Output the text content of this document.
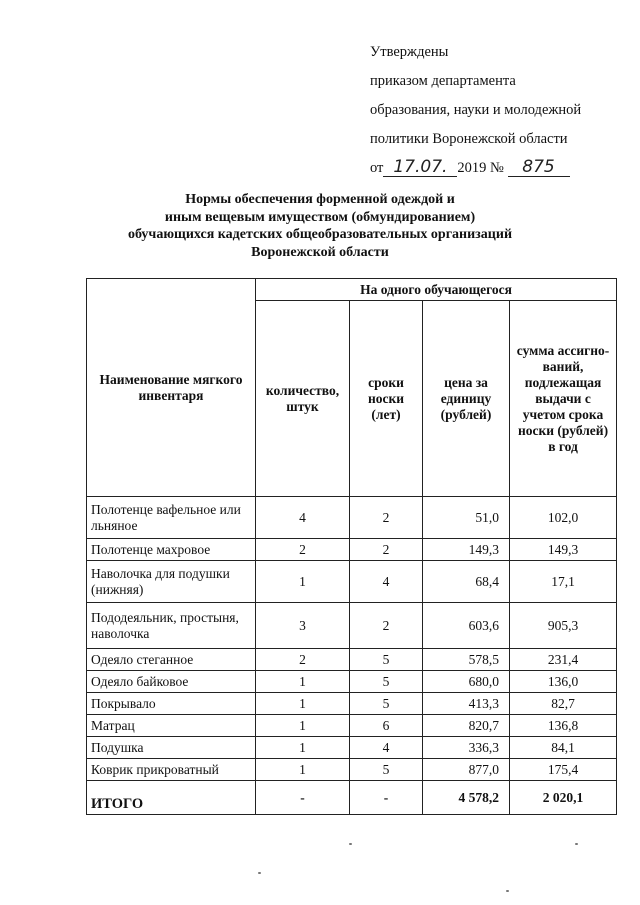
Утверждены
приказом департамента
образования, науки и молодежной
политики Воронежской области
от 17.07. 2019 № 875
Нормы обеспечения форменной одеждой и
иным вещевым имуществом (обмундированием)
обучающихся кадетских общеобразовательных организаций
Воронежской области
Наименование мягкого инвентаря	На одного обучающегося			
	количество, штук	сроки носки (лет)	цена за единицу (рублей)	сумма ассигно-ваний, подлежащая выдачи с учетом срока носки (рублей) в год
Полотенце вафельное или льняное	4	2	51,0	102,0
Полотенце махровое	2	2	149,3	149,3
Наволочка для подушки (нижняя)	1	4	68,4	17,1
Пододеяльник, простыня, наволочка	3	2	603,6	905,3
Одеяло стеганное	2	5	578,5	231,4
Одеяло байковое	1	5	680,0	136,0
Покрывало	1	5	413,3	82,7
Матрац	1	6	820,7	136,8
Подушка	1	4	336,3	84,1
Коврик прикроватный	1	5	877,0	175,4
ИТОГО	-	-	4 578,2	2 020,1
